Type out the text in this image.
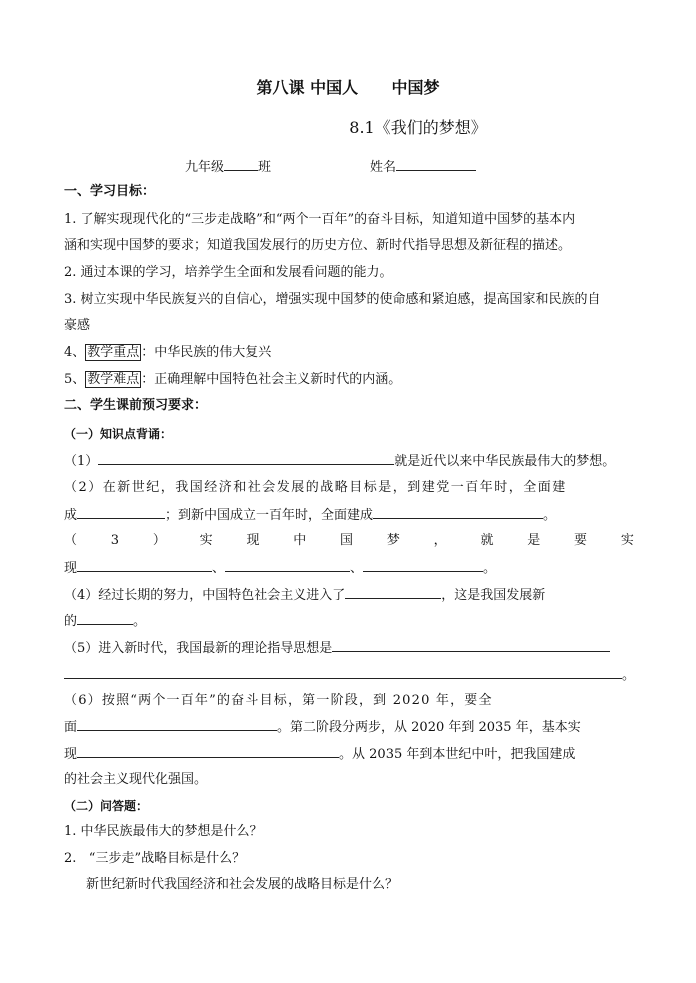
第八课 中国人      中国梦
8.1《我们的梦想》
九年级	班	姓名
一、学习目标：
1. 了解实现现代化的“三步走战略”和“两个一百年”的奋斗目标，知道知道中国梦的基本内
涵和实现中国梦的要求；知道我国发展行的历史方位、新时代指导思想及新征程的描述。
2. 通过本课的学习，培养学生全面和发展看问题的能力。
3. 树立实现中华民族复兴的自信心，增强实现中国梦的使命感和紧迫感，提高国家和民族的自
豪感
4、 教学重点 ：中华民族的伟大复兴
5、 教学难点 ：正确理解中国特色社会主义新时代的内涵。
二、学生课前预习要求：
（一）知识点背诵：
（1）	就是近代以来中华民族最伟大的梦想。
（2）在新世纪，我国经济和社会发展的战略目标是，到建党一百年时，全面建
成	；到新中国成立一百年时，全面建成	。
（	3	）	实	现	中	国	梦	，	就	是	要	实
现	、	、	。
（4）经过长期的努力，中国特色社会主义进入了	，这是我国发展新
的	。
（5）进入新时代，我国最新的理论指导思想是
。
（6）按照“两个一百年”的奋斗目标，第一阶段，到 2020 年，要全
面	。第二阶段分两步，从 2020 年到 2035 年，基本实
现	。从 2035 年到本世纪中叶，把我国建成
的社会主义现代化强国。
（二）问答题：
1. 中华民族最伟大的梦想是什么？
2.   “三步走”战略目标是什么？
新世纪新时代我国经济和社会发展的战略目标是什么？
